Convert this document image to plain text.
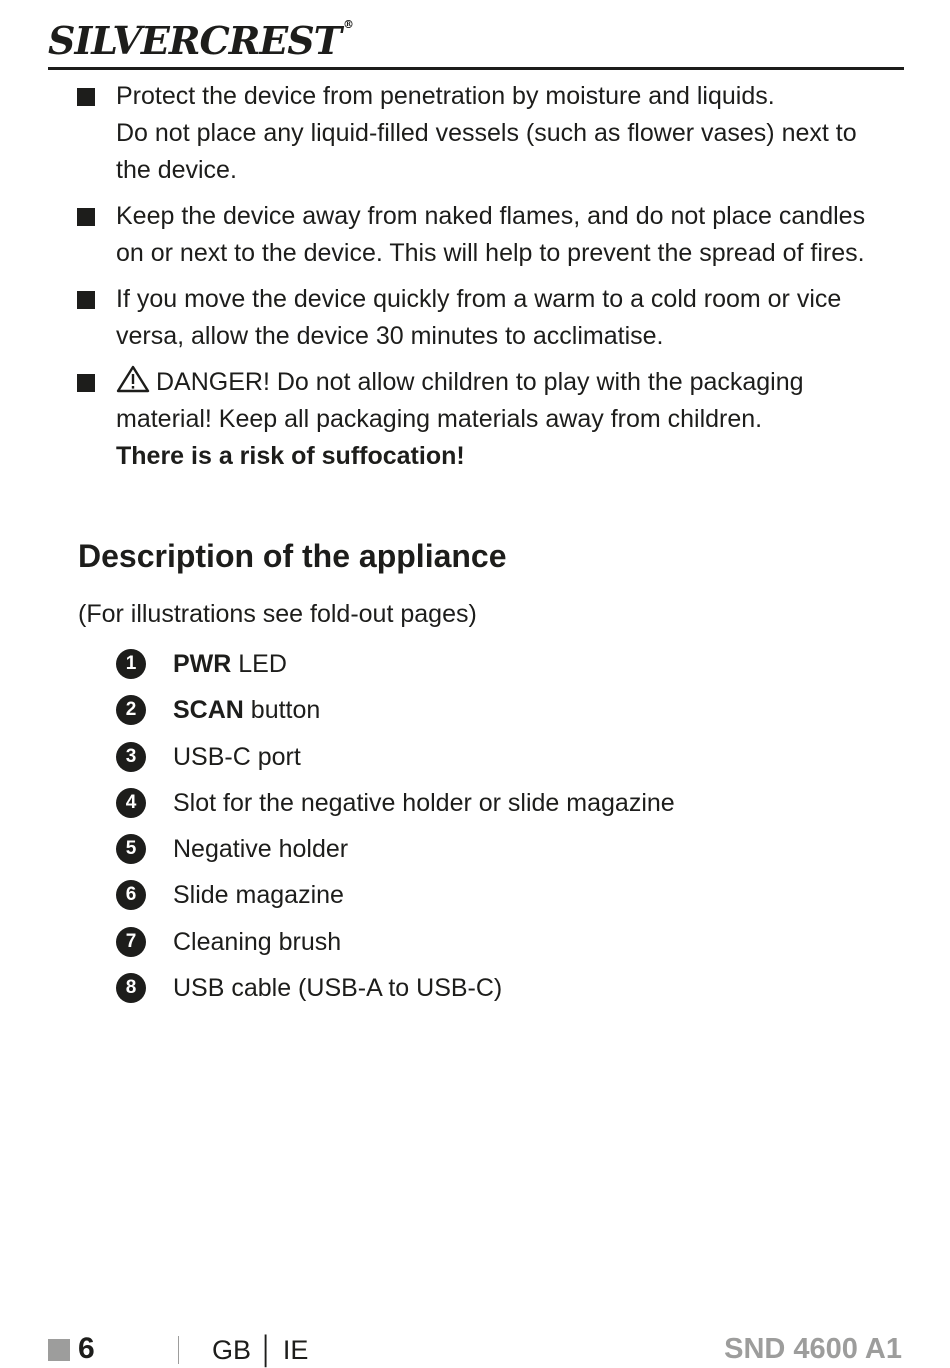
SILVERCREST ®
Protect the device from penetration by moisture and liquids.
Do not place any liquid-filled vessels (such as flower vases) next to the device.
Keep the device away from naked flames, and do not place candles on or next to the device. This will help to prevent the spread of fires.
If you move the device quickly from a warm to a cold room or vice versa, allow the device 30 minutes to acclimatise.
DANGER! Do not allow children to play with the packaging material! Keep all packaging materials away from children.
There is a risk of suffocation!
Description of the appliance
(For illustrations see fold-out pages)
1	PWR LED
2	SCAN button
3	USB-C port
4	Slot for the negative holder or slide magazine
5	Negative holder
6	Slide magazine
7	Cleaning brush
8	USB cable (USB-A to USB-C)
6	GB │ IE	SND 4600 A1
